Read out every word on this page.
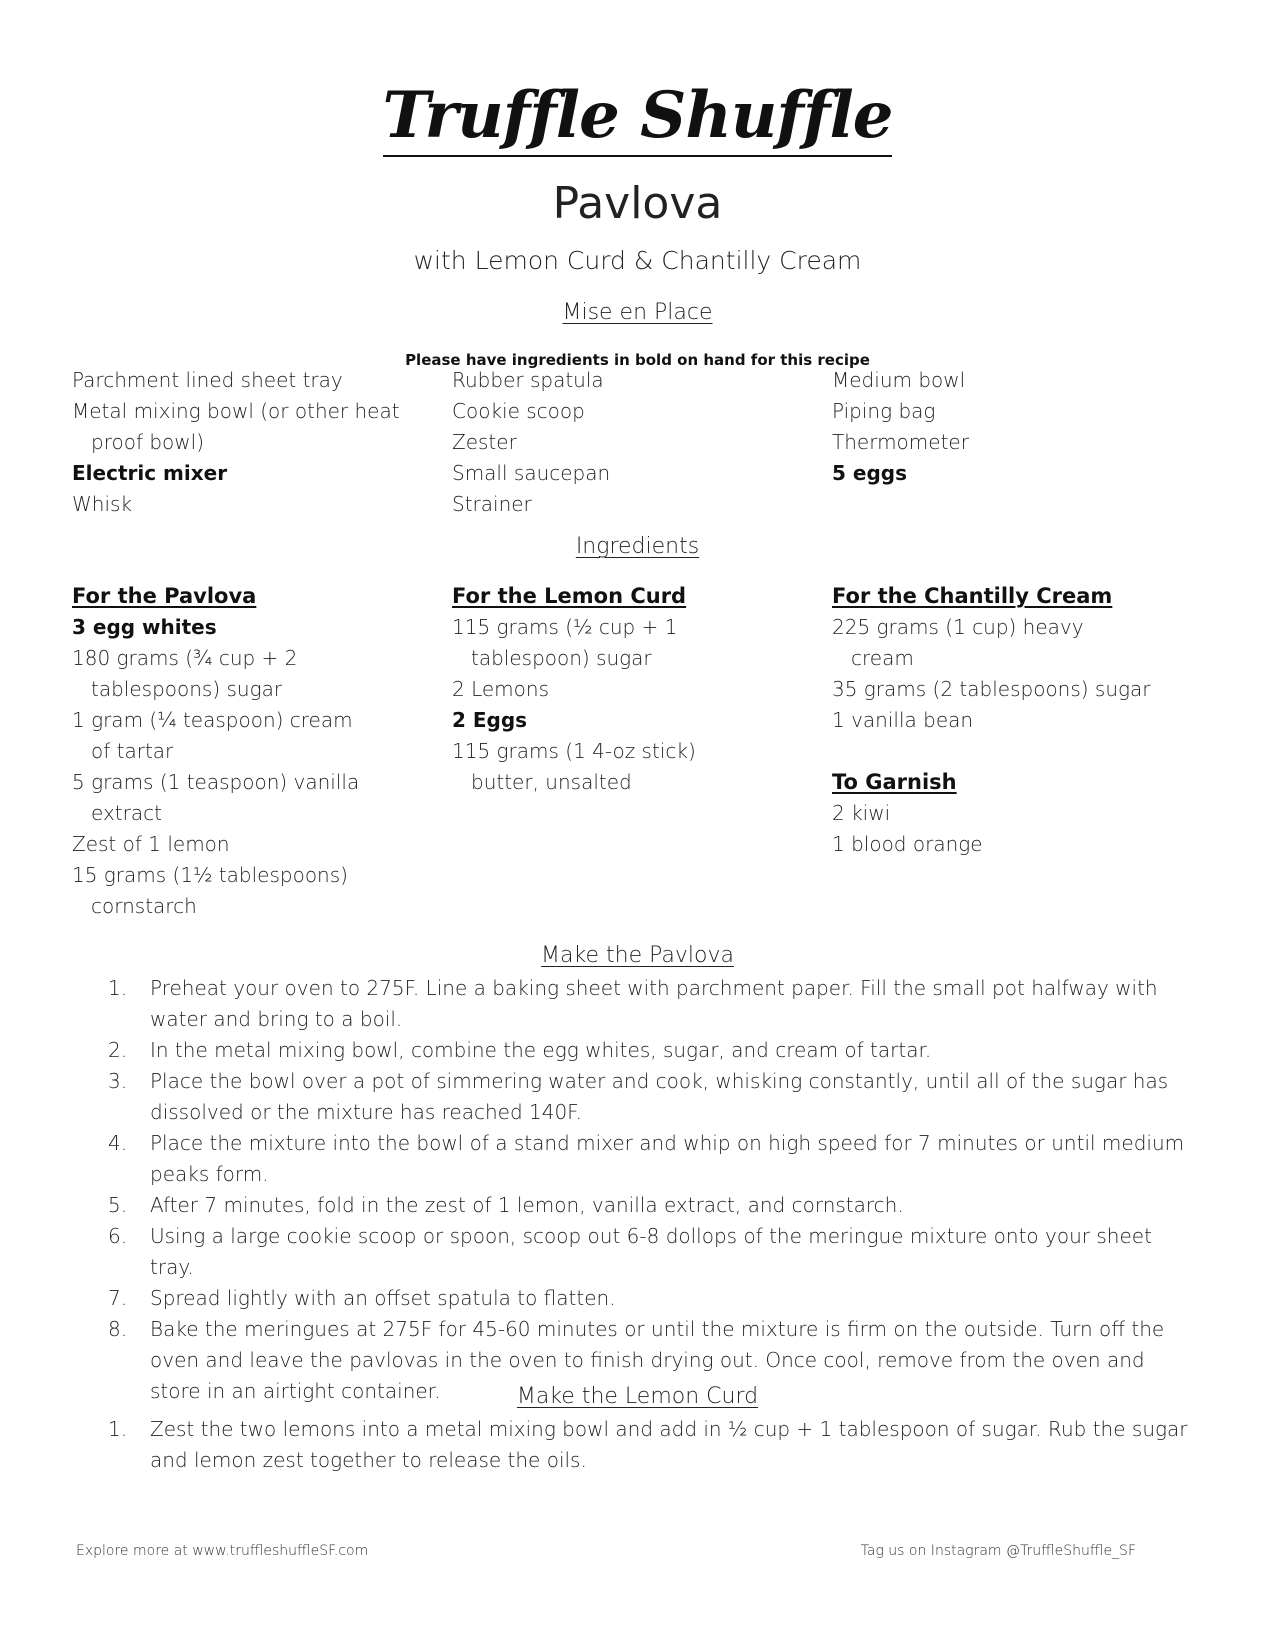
Truffle Shuffle
Pavlova
with Lemon Curd & Chantilly Cream
Mise en Place
Please have ingredients in bold on hand for this recipe
Parchment lined sheet tray
Metal mixing bowl (or other heat proof bowl)
Electric mixer
Whisk
Rubber spatula
Cookie scoop
Zester
Small saucepan
Strainer
Medium bowl
Piping bag
Thermometer
5 eggs
Ingredients
For the Pavlova
3 egg whites
180 grams (¾ cup + 2 tablespoons) sugar
1 gram (¼ teaspoon) cream of tartar
5 grams (1 teaspoon) vanilla extract
Zest of 1 lemon
15 grams (1½ tablespoons) cornstarch
For the Lemon Curd
115 grams (½ cup + 1 tablespoon) sugar
2 Lemons
2 Eggs
115 grams (1 4-oz stick) butter, unsalted
For the Chantilly Cream
225 grams (1 cup) heavy cream
35 grams (2 tablespoons) sugar
1 vanilla bean
To Garnish
2 kiwi
1 blood orange
Make the Pavlova
1. Preheat your oven to 275F. Line a baking sheet with parchment paper. Fill the small pot halfway with water and bring to a boil.
2. In the metal mixing bowl, combine the egg whites, sugar, and cream of tartar.
3. Place the bowl over a pot of simmering water and cook, whisking constantly, until all of the sugar has dissolved or the mixture has reached 140F.
4. Place the mixture into the bowl of a stand mixer and whip on high speed for 7 minutes or until medium peaks form.
5. After 7 minutes, fold in the zest of 1 lemon, vanilla extract, and cornstarch.
6. Using a large cookie scoop or spoon, scoop out 6-8 dollops of the meringue mixture onto your sheet tray.
7. Spread lightly with an offset spatula to flatten.
8. Bake the meringues at 275F for 45-60 minutes or until the mixture is firm on the outside. Turn off the oven and leave the pavlovas in the oven to finish drying out. Once cool, remove from the oven and store in an airtight container.	Make the Lemon Curd
1. Zest the two lemons into a metal mixing bowl and add in ½ cup + 1 tablespoon of sugar. Rub the sugar and lemon zest together to release the oils.
Explore more at www.truffleshuffleSF.com	Tag us on Instagram @TruffleShuffle_SF
